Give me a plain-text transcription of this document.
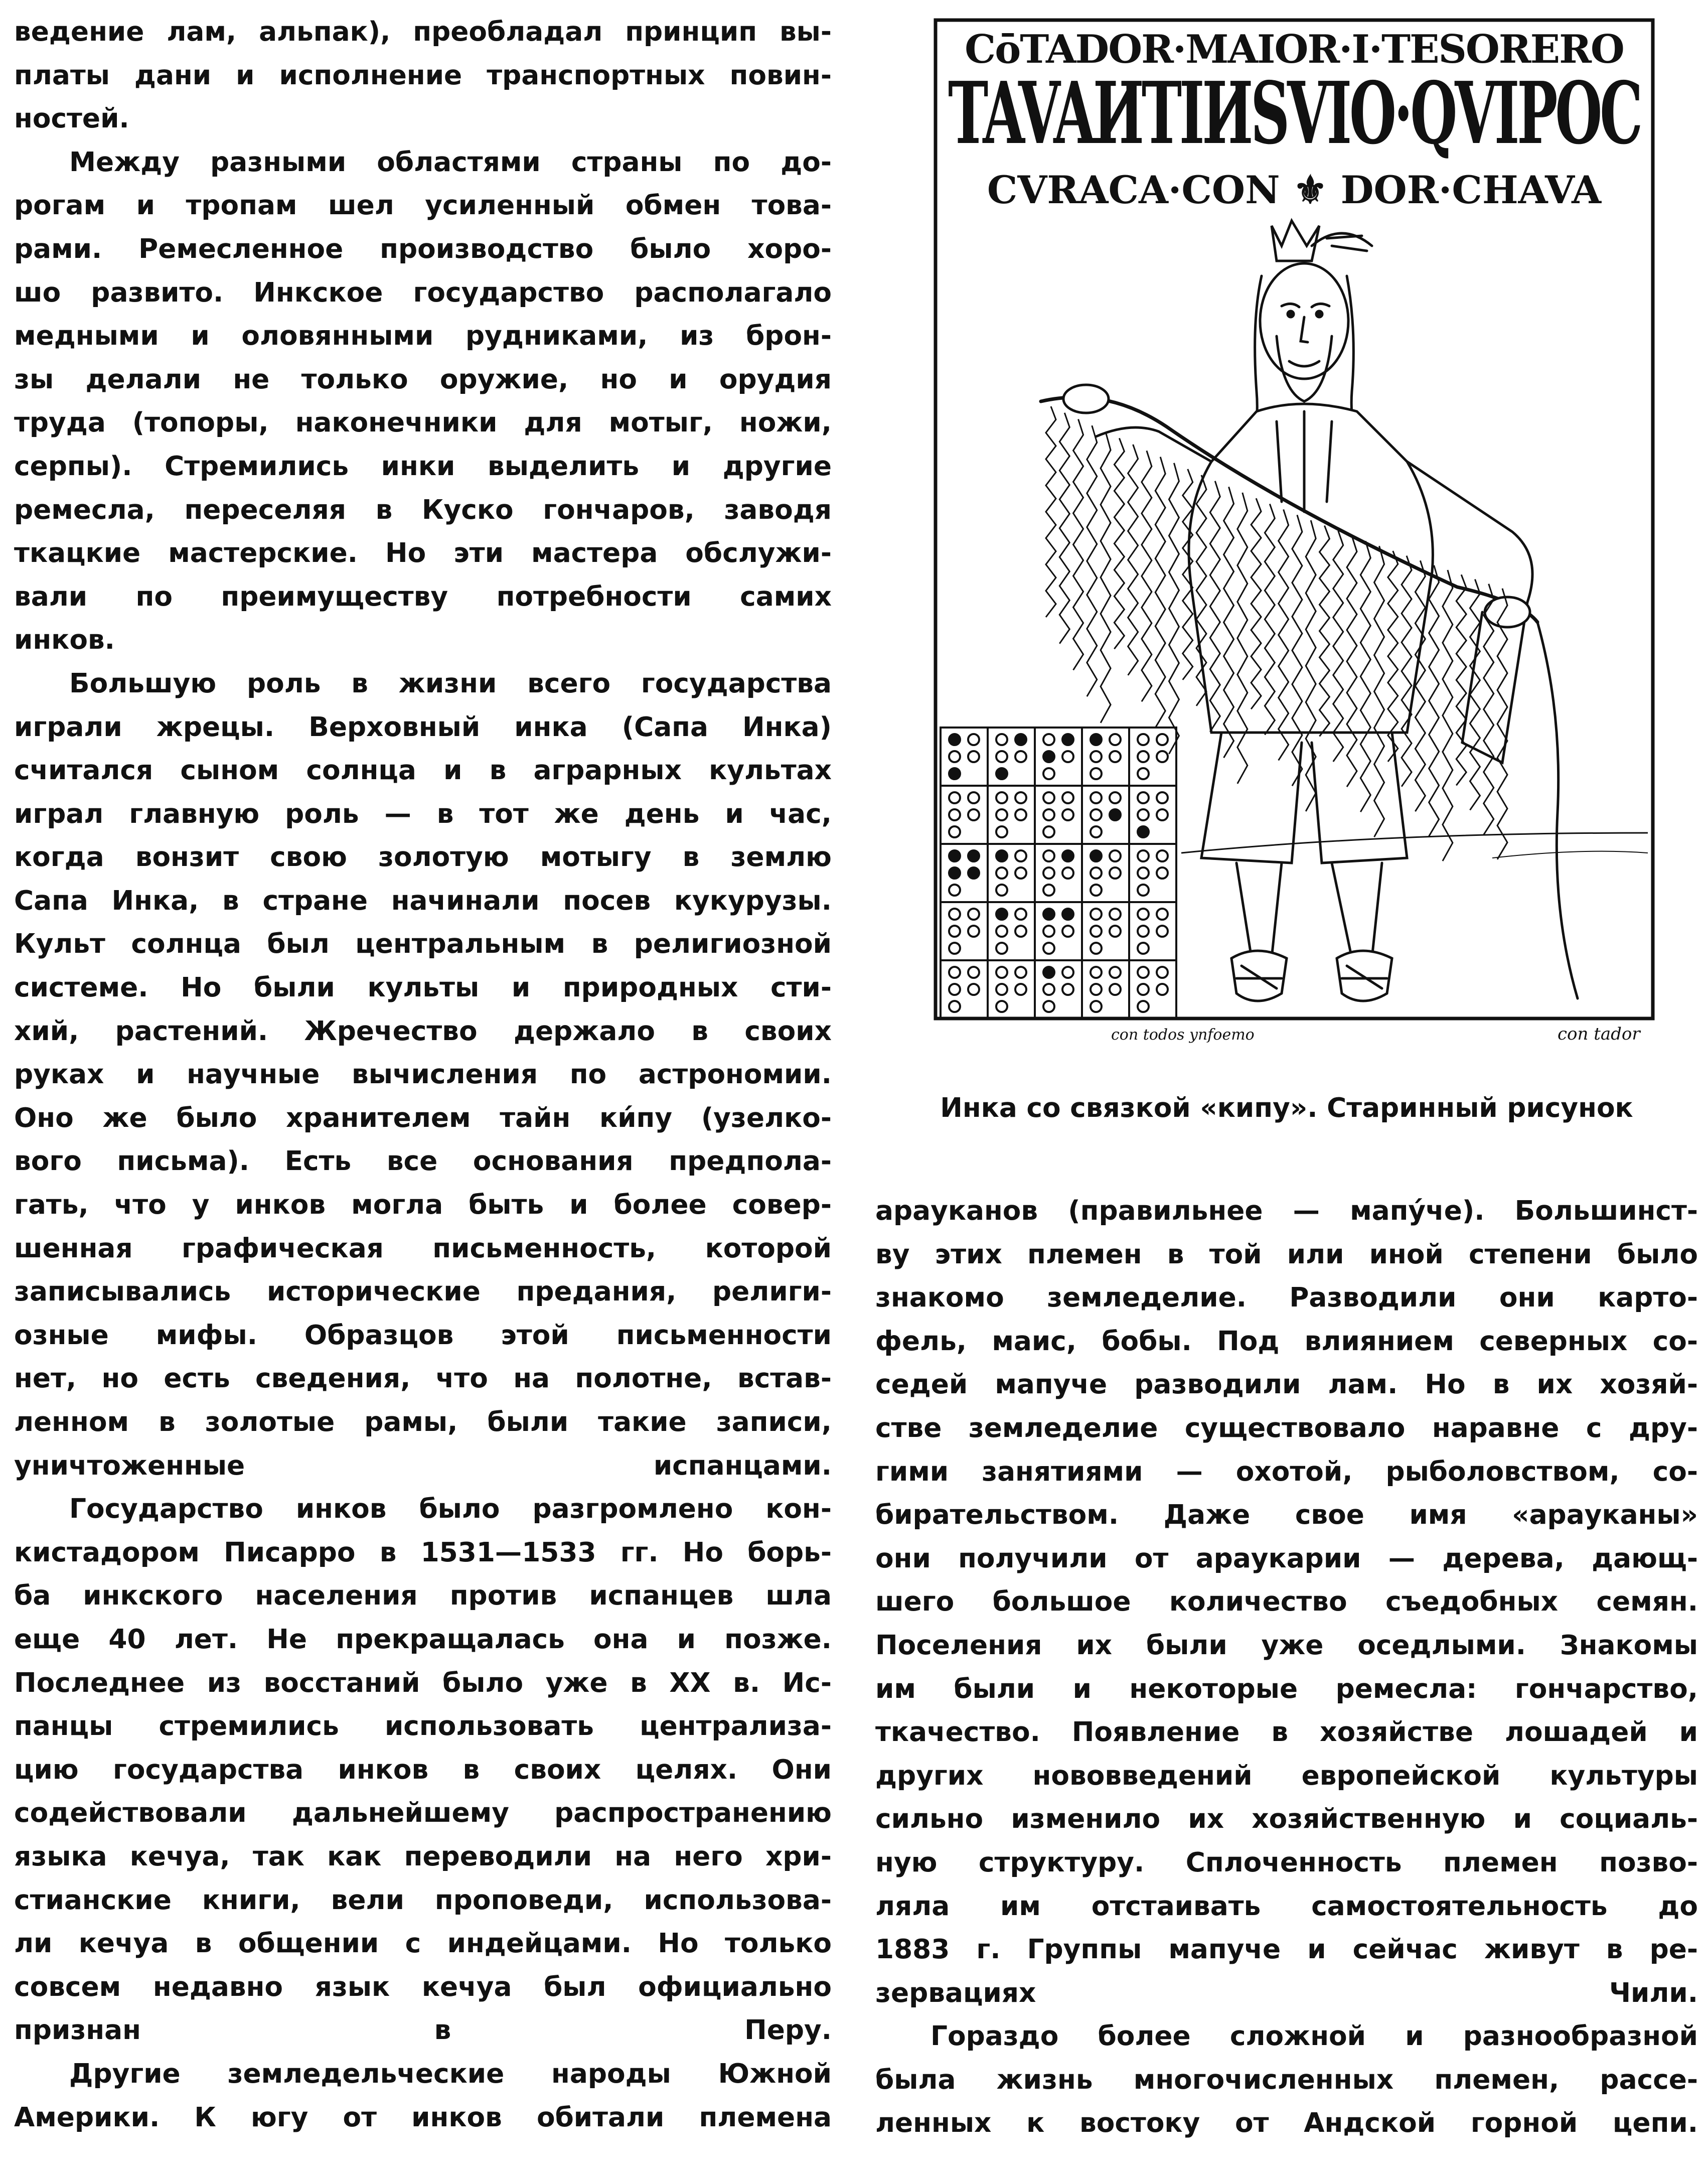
ведение лам, альпак), преобладал принцип вы-
платы дани и исполнение транспортных повин-
ностей.

Между разными областями страны по до-
рогам и тропам шел усиленный обмен това-
рами. Ремесленное производство было хоро-
шо развито. Инкское государство располагало
медными и оловянными рудниками, из брон-
зы делали не только оружие, но и орудия
труда (топоры, наконечники для мотыг, ножи,
серпы). Стремились инки выделить и другие
ремесла, переселяя в Куско гончаров, заводя
ткацкие мастерские. Но эти мастера обслужи-
вали по преимуществу потребности самих
инков.

Большую роль в жизни всего государства
играли жрецы. Верховный инка (Сапа Инка)
считался сыном солнца и в аграрных культах
играл главную роль — в тот же день и час,
когда вонзит свою золотую мотыгу в землю
Сапа Инка, в стране начинали посев кукурузы.
Культ солнца был центральным в религиозной
системе. Но были культы и природных сти-
хий, растений. Жречество держало в своих
руках и научные вычисления по астрономии.
Оно же было хранителем тайн ки́пу (узелко-
вого письма). Есть все основания предпола-
гать, что у инков могла быть и более совер-
шенная графическая письменность, которой
записывались исторические предания, религи-
озные мифы. Образцов этой письменности
нет, но есть сведения, что на полотне, встав-
ленном в золотые рамы, были такие записи,
уничтоженные испанцами.

Государство инков было разгромлено кон-
кистадором Писарро в 1531—1533 гг. Но борь-
ба инкского населения против испанцев шла
еще 40 лет. Не прекращалась она и позже.
Последнее из восстаний было уже в XX в. Ис-
панцы стремились использовать централиза-
цию государства инков в своих целях. Они
содействовали дальнейшему распространению
языка кечуа, так как переводили на него хри-
стианские книги, вели проповеди, использова-
ли кечуа в общении с индейцами. Но только
совсем недавно язык кечуа был официально
признан в Перу.

Другие земледельческие народы Южной
Америки. К югу от инков обитали племена

CōTADOR·MAIOR·I·TESORERO
TAVAИTIИSVIO·QVIPOC
CVRACA·CON ⚜ DOR·CHAVA
con todos ynfoemo	con tador
Инка со связкой «кипу». Старинный рисунок

арауканов (правильнее — мапу́че). Большинст-
ву этих племен в той или иной степени было
знакомо земледелие. Разводили они карто-
фель, маис, бобы. Под влиянием северных со-
седей мапуче разводили лам. Но в их хозяй-
стве земледелие существовало наравне с дру-
гими занятиями — охотой, рыболовством, со-
бирательством. Даже свое имя «арауканы»
они получили от араукарии — дерева, дающ-
шего большое количество съедобных семян.
Поселения их были уже оседлыми. Знакомы
им были и некоторые ремесла: гончарство,
ткачество. Появление в хозяйстве лошадей и
других нововведений европейской культуры
сильно изменило их хозяйственную и социаль-
ную структуру. Сплоченность племен позво-
ляла им отстаивать самостоятельность до
1883 г. Группы мапуче и сейчас живут в ре-
зервациях Чили.

Гораздо более сложной и разнообразной
была жизнь многочисленных племен, рассе-
ленных к востоку от Андской горной цепи.
